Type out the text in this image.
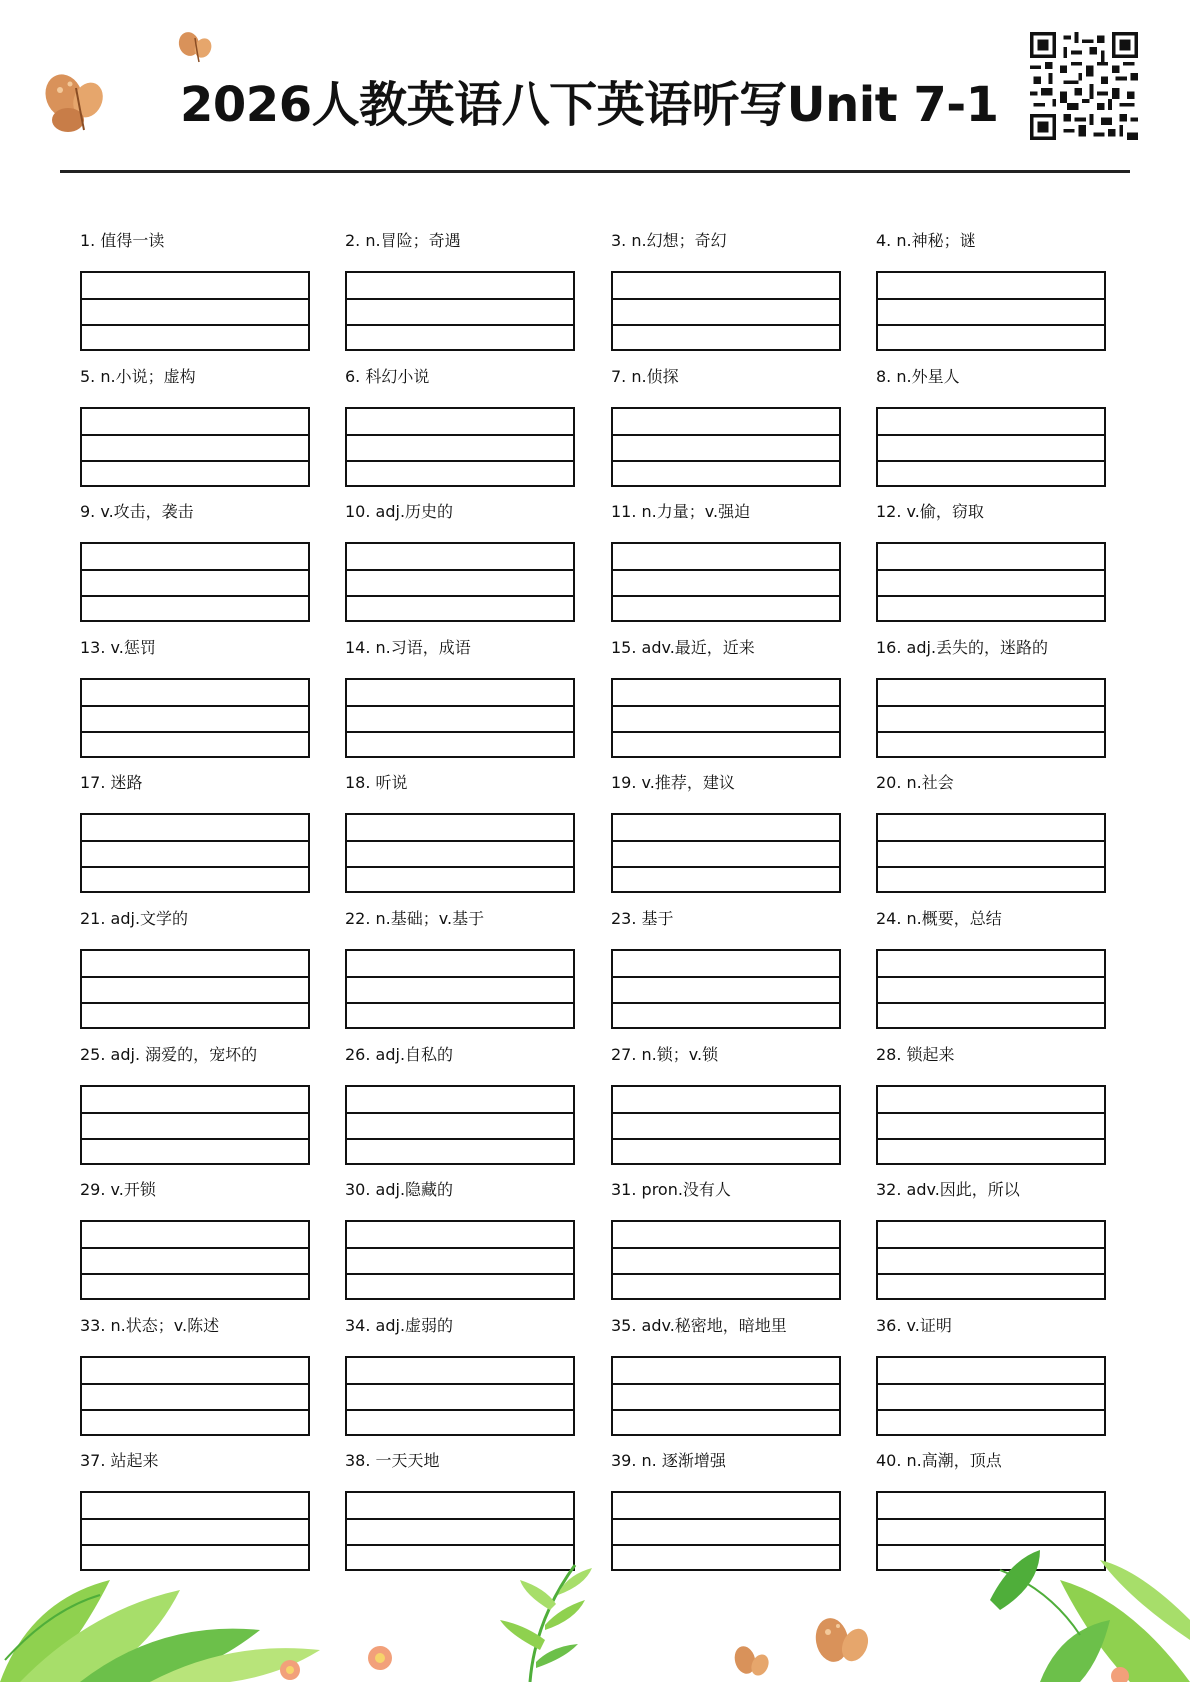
2026人教英语八下英语听写Unit 7-1
1. 值得一读	2. n.冒险；奇遇	3. n.幻想；奇幻	4. n.神秘；谜
5. n.小说；虚构	6. 科幻小说	7. n.侦探	8. n.外星人
9. v.攻击，袭击	10. adj.历史的	11. n.力量；v.强迫	12. v.偷，窃取
13. v.惩罚	14. n.习语，成语	15. adv.最近，近来	16. adj.丢失的，迷路的
17. 迷路	18. 听说	19. v.推荐，建议	20. n.社会
21. adj.文学的	22. n.基础；v.基于	23. 基于	24. n.概要，总结
25. adj. 溺爱的，宠坏的	26. adj.自私的	27. n.锁；v.锁	28. 锁起来
29. v.开锁	30. adj.隐藏的	31. pron.没有人	32. adv.因此，所以
33. n.状态；v.陈述	34. adj.虚弱的	35. adv.秘密地，暗地里	36. v.证明
37. 站起来	38. 一天天地	39. n. 逐渐增强	40. n.高潮，顶点
